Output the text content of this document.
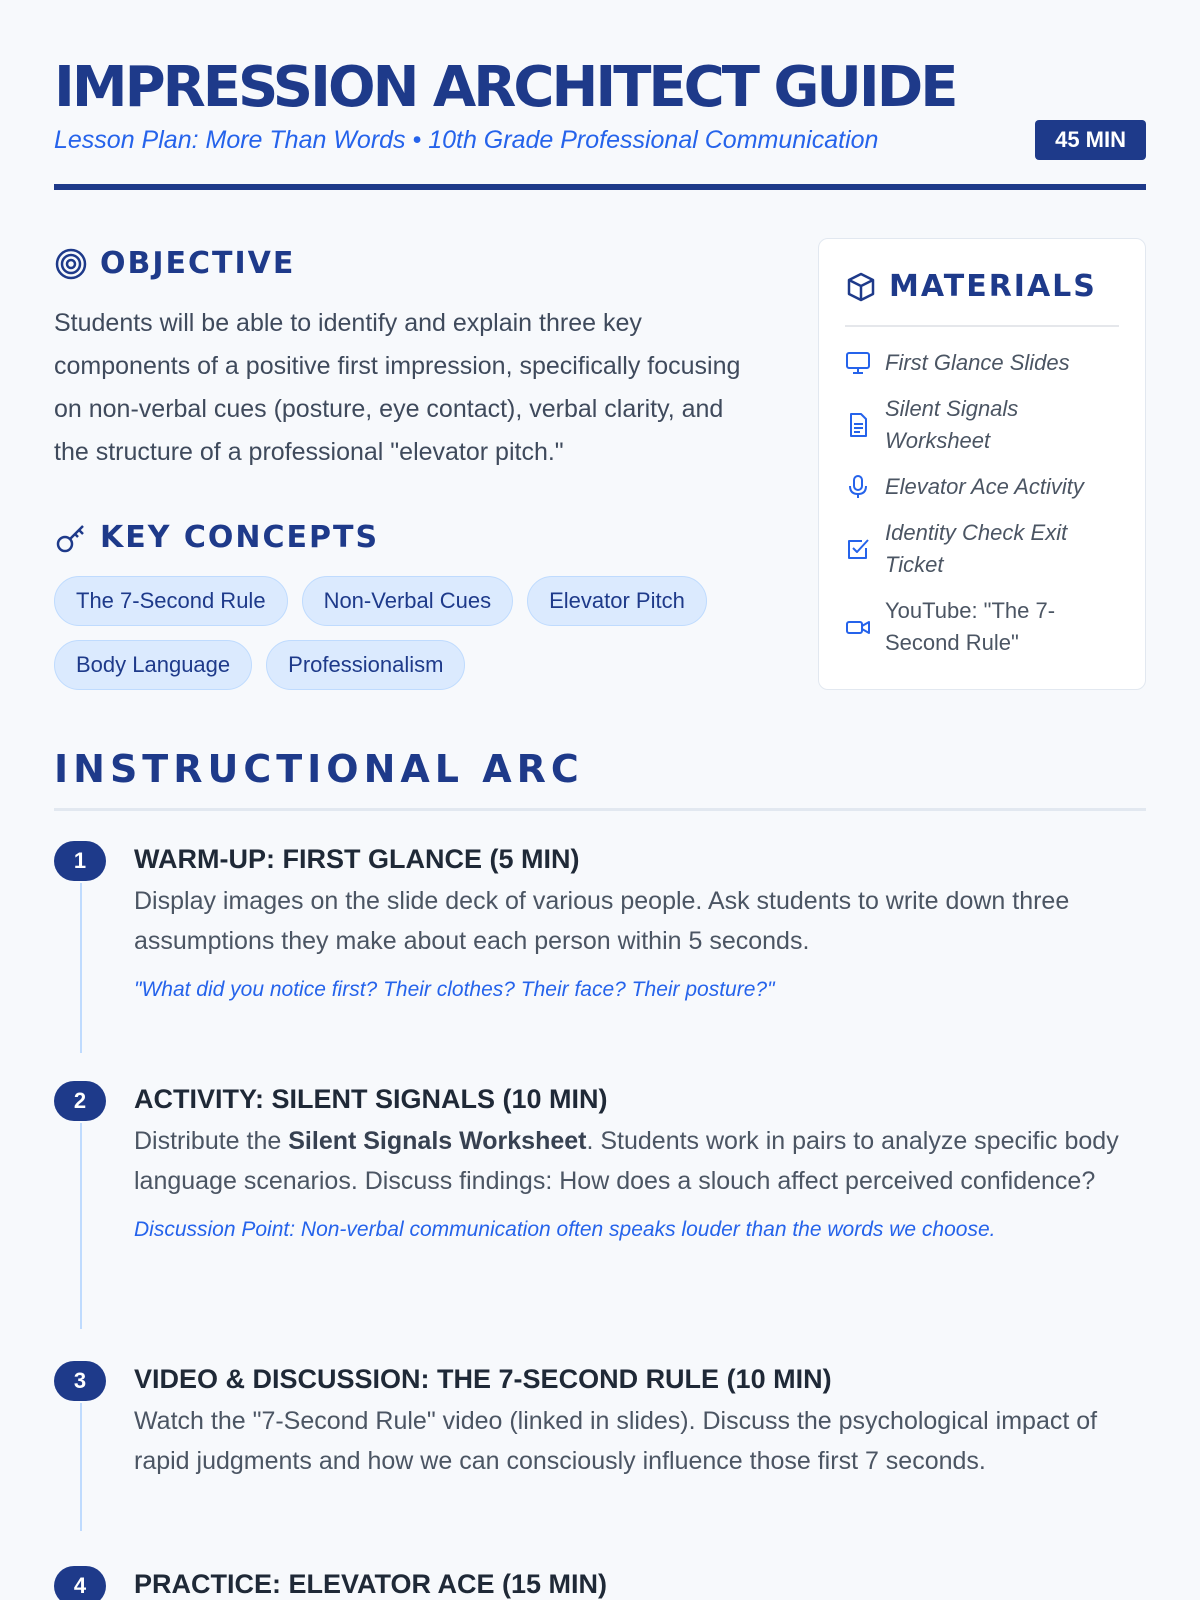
IMPRESSION ARCHITECT GUIDE
Lesson Plan: More Than Words • 10th Grade Professional Communication	45 MIN
OBJECTIVE

Students will be able to identify and explain three key components of a positive first impression, specifically focusing on non-verbal cues (posture, eye contact), verbal clarity, and the structure of a professional "elevator pitch."

KEY CONCEPTS
The 7-Second Rule	Non-Verbal Cues	Elevator Pitch
Body Language	Professionalism
MATERIALS
First Glance Slides
Silent Signals Worksheet
Elevator Ace Activity
Identity Check Exit Ticket
YouTube: "The 7-Second Rule"
INSTRUCTIONAL ARC
1	WARM-UP: FIRST GLANCE (5 MIN)
Display images on the slide deck of various people. Ask students to write down three assumptions they make about each person within 5 seconds.
"What did you notice first? Their clothes? Their face? Their posture?"
2	ACTIVITY: SILENT SIGNALS (10 MIN)
Distribute the Silent Signals Worksheet. Students work in pairs to analyze specific body language scenarios. Discuss findings: How does a slouch affect perceived confidence?
Discussion Point: Non-verbal communication often speaks louder than the words we choose.
3	VIDEO & DISCUSSION: THE 7-SECOND RULE (10 MIN)
Watch the "7-Second Rule" video (linked in slides). Discuss the psychological impact of rapid judgments and how we can consciously influence those first 7 seconds.
4	PRACTICE: ELEVATOR ACE (15 MIN)
